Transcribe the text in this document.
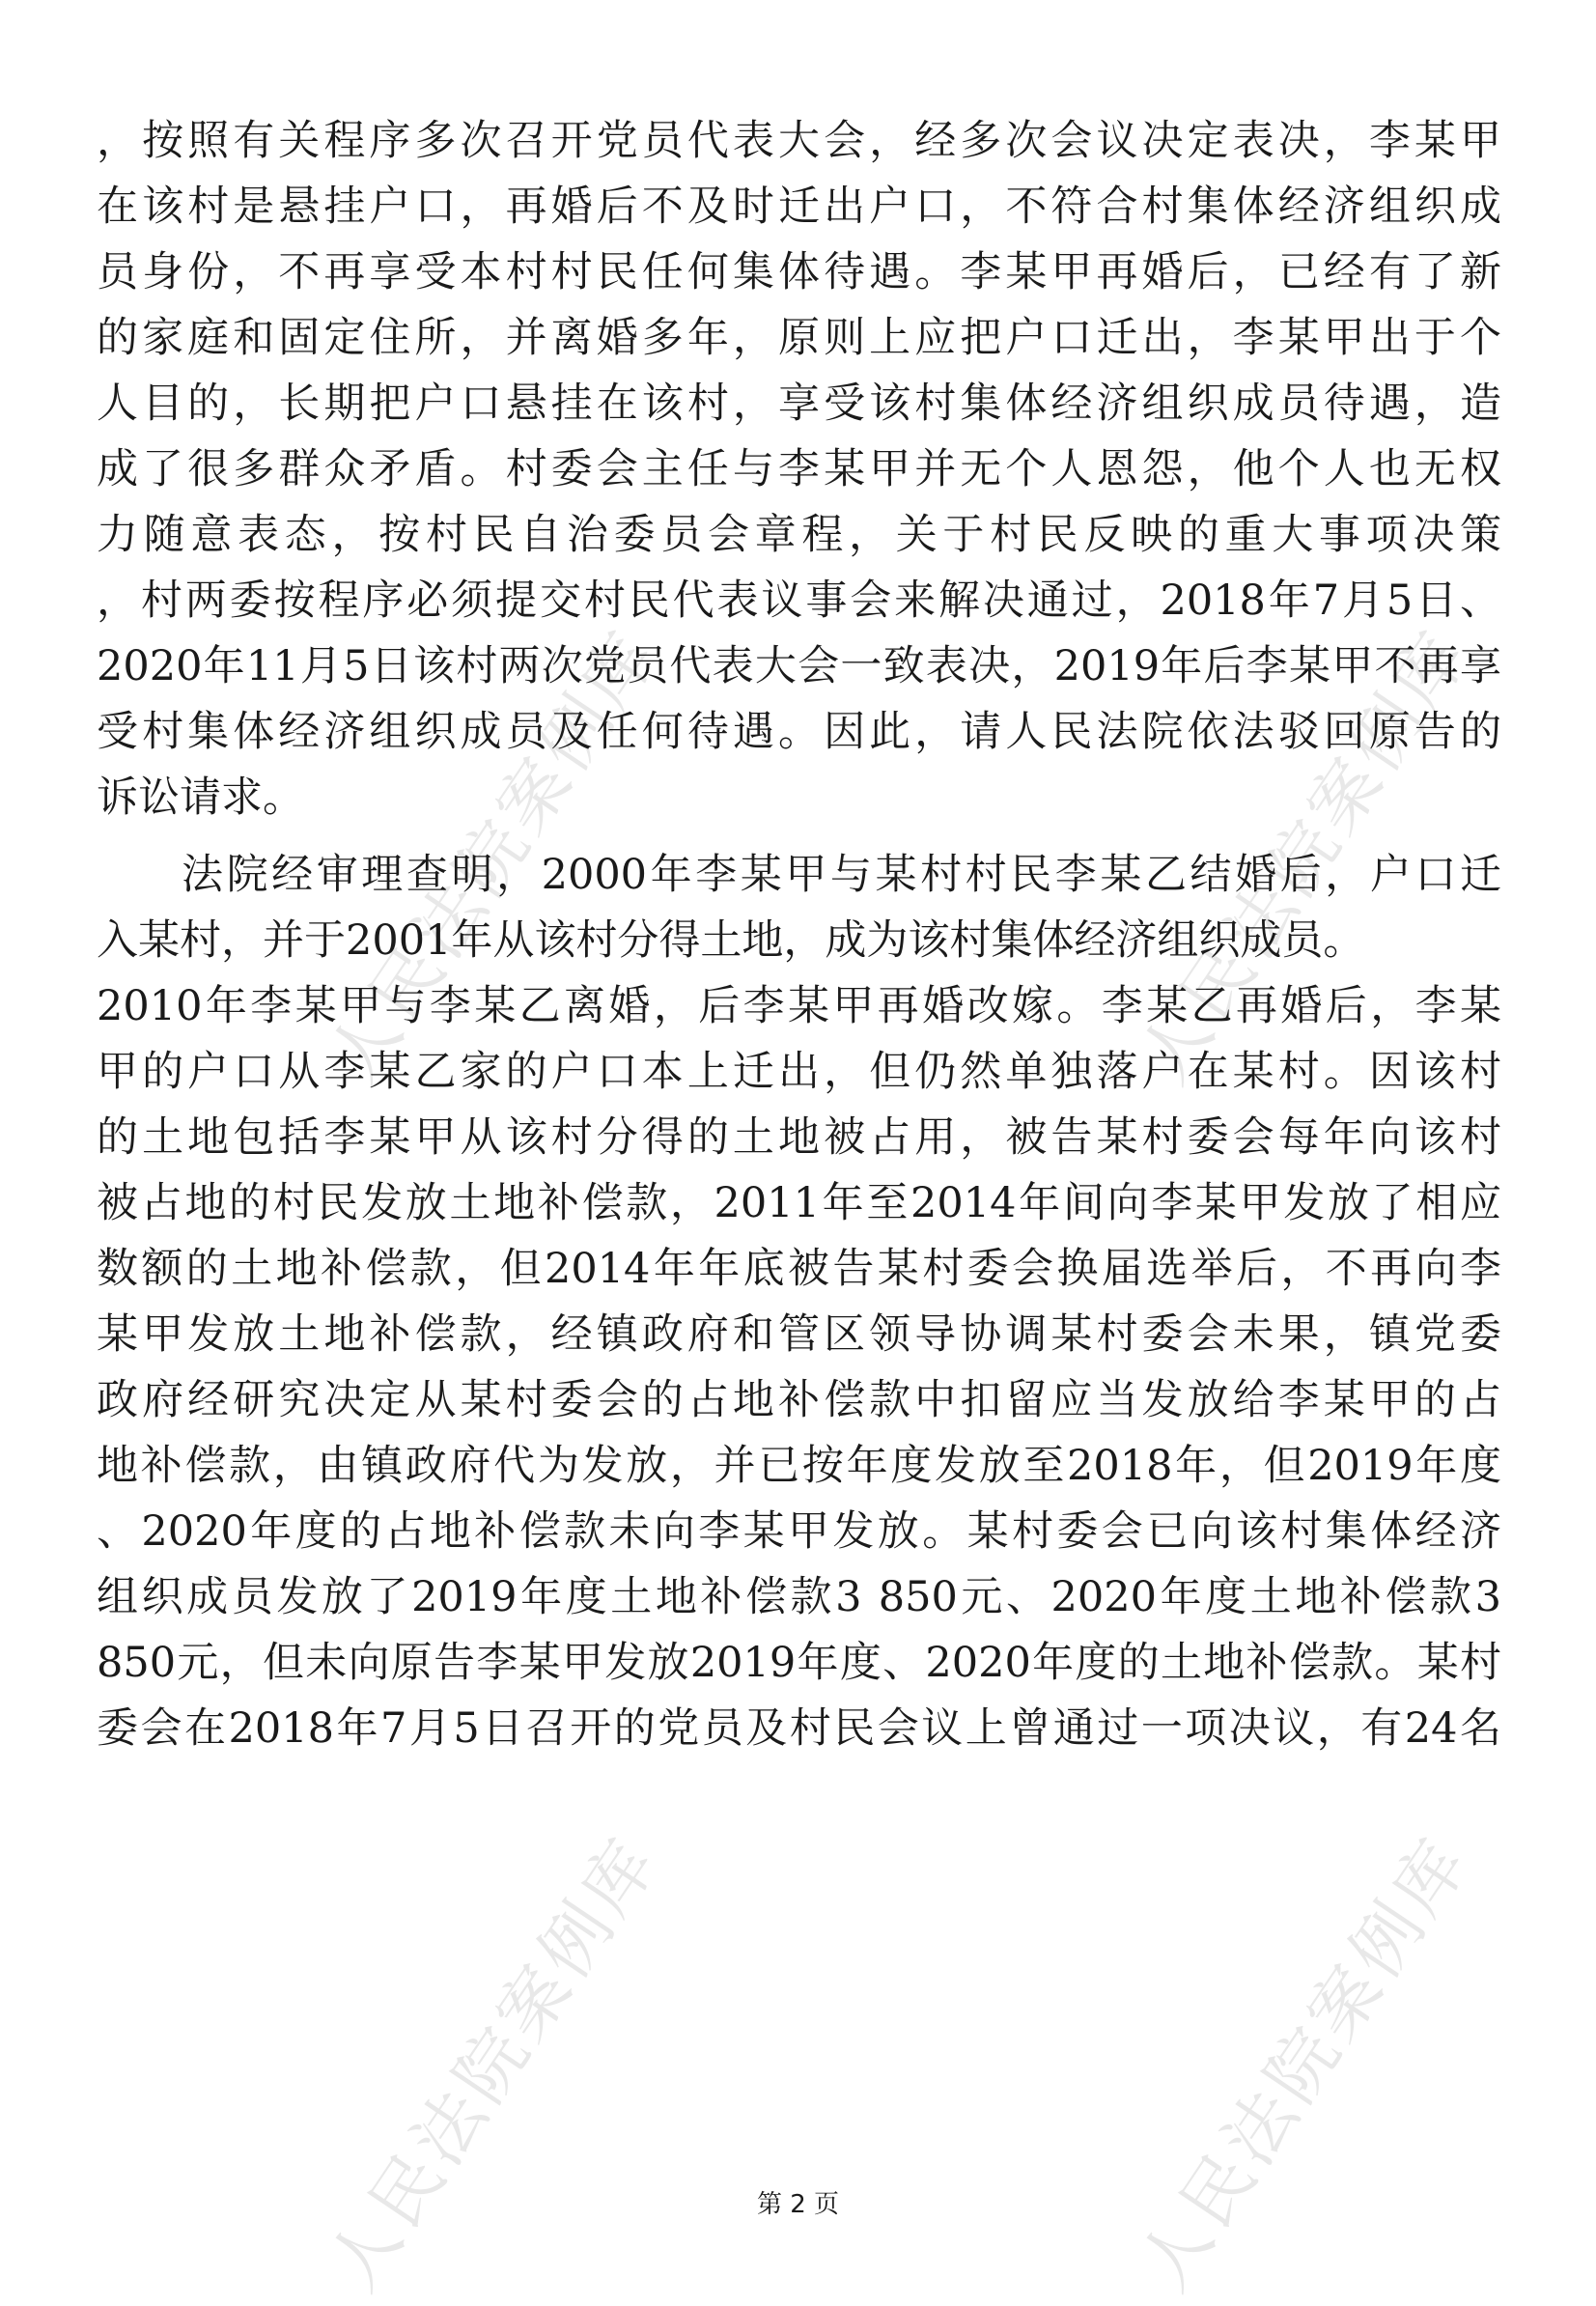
人民法院案例库	人民法院案例库
人民法院案例库	人民法院案例库
，按照有关程序多次召开党员代表大会，经多次会议决定表决，李某甲
在该村是悬挂户口，再婚后不及时迁出户口，不符合村集体经济组织成
员身份，不再享受本村村民任何集体待遇。李某甲再婚后，已经有了新
的家庭和固定住所，并离婚多年，原则上应把户口迁出，李某甲出于个
人目的，长期把户口悬挂在该村，享受该村集体经济组织成员待遇，造
成了很多群众矛盾。村委会主任与李某甲并无个人恩怨，他个人也无权
力随意表态，按村民自治委员会章程，关于村民反映的重大事项决策
，村两委按程序必须提交村民代表议事会来解决通过，2018年7月5日、
2020年11月5日该村两次党员代表大会一致表决，2019年后李某甲不再享
受村集体经济组织成员及任何待遇。因此，请人民法院依法驳回原告的
诉讼请求。
法院经审理查明，2000年李某甲与某村村民李某乙结婚后，户口迁
入某村，并于2001年从该村分得土地，成为该村集体经济组织成员。
2010年李某甲与李某乙离婚，后李某甲再婚改嫁。李某乙再婚后，李某
甲的户口从李某乙家的户口本上迁出，但仍然单独落户在某村。因该村
的土地包括李某甲从该村分得的土地被占用，被告某村委会每年向该村
被占地的村民发放土地补偿款，2011年至2014年间向李某甲发放了相应
数额的土地补偿款，但2014年年底被告某村委会换届选举后，不再向李
某甲发放土地补偿款，经镇政府和管区领导协调某村委会未果，镇党委
政府经研究决定从某村委会的占地补偿款中扣留应当发放给李某甲的占
地补偿款，由镇政府代为发放，并已按年度发放至2018年，但2019年度
、2020年度的占地补偿款未向李某甲发放。某村委会已向该村集体经济
组织成员发放了2019年度土地补偿款3 850元、2020年度土地补偿款3
850元，但未向原告李某甲发放2019年度、2020年度的土地补偿款。某村
委会在2018年7月5日召开的党员及村民会议上曾通过一项决议，有24名
第 2 页
